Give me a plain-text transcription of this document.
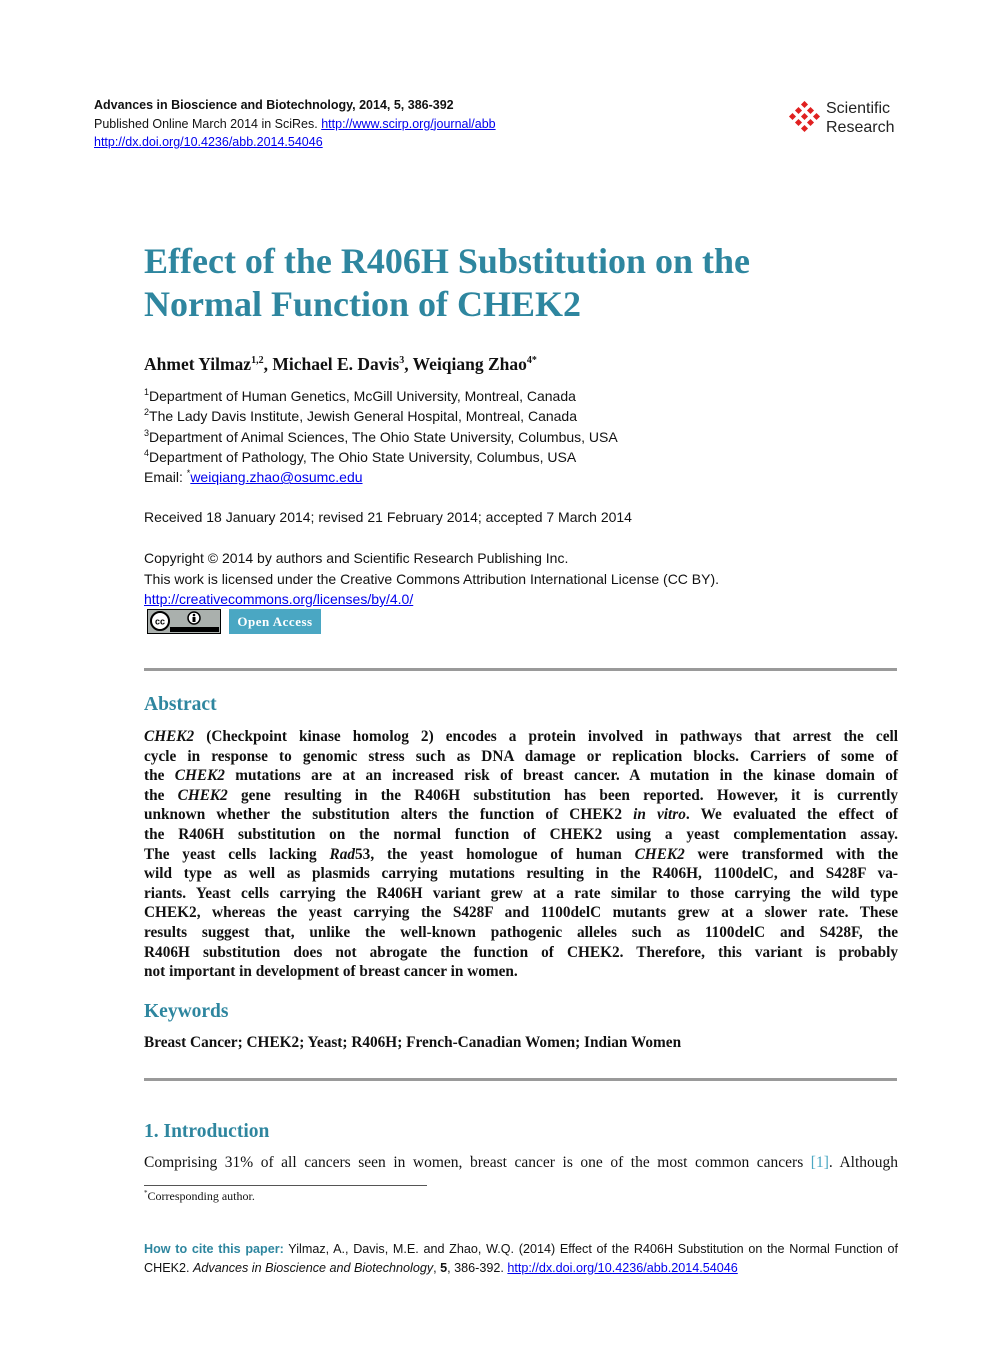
Advances in Bioscience and Biotechnology, 2014, 5, 386-392
Published Online March 2014 in SciRes. http://www.scirp.org/journal/abb
http://dx.doi.org/10.4236/abb.2014.54046
Scientific
Research
Effect of the R406H Substitution on the
Normal Function of CHEK2
Ahmet Yilmaz$^{1,2}$, Michael E. Davis$^3$, Weiqiang Zhao$^{4*}$
$^1$Department of Human Genetics, McGill University, Montreal, Canada
$^2$The Lady Davis Institute, Jewish General Hospital, Montreal, Canada
$^3$Department of Animal Sciences, The Ohio State University, Columbus, USA
$^4$Department of Pathology, The Ohio State University, Columbus, USA
Email: *weiqiang.zhao@osumc.edu
Received 18 January 2014; revised 21 February 2014; accepted 7 March 2014
Copyright © 2014 by authors and Scientific Research Publishing Inc.
This work is licensed under the Creative Commons Attribution International License (CC BY).
http://creativecommons.org/licenses/by/4.0/
cc	Open Access
Abstract
CHEK2 (Checkpoint kinase homolog 2) encodes a protein involved in pathways that arrest the cell
cycle in response to genomic stress such as DNA damage or replication blocks. Carriers of some of
the CHEK2 mutations are at an increased risk of breast cancer. A mutation in the kinase domain of
the CHEK2 gene resulting in the R406H substitution has been reported. However, it is currently
unknown whether the substitution alters the function of CHEK2 in vitro. We evaluated the effect of
the R406H substitution on the normal function of CHEK2 using a yeast complementation assay.
The yeast cells lacking Rad53, the yeast homologue of human CHEK2 were transformed with the
wild type as well as plasmids carrying mutations resulting in the R406H, 1100delC, and S428F va-
riants. Yeast cells carrying the R406H variant grew at a rate similar to those carrying the wild type
CHEK2, whereas the yeast carrying the S428F and 1100delC mutants grew at a slower rate. These
results suggest that, unlike the well-known pathogenic alleles such as 1100delC and S428F, the
R406H substitution does not abrogate the function of CHEK2. Therefore, this variant is probably
not important in development of breast cancer in women.
Keywords
Breast Cancer; CHEK2; Yeast; R406H; French-Canadian Women; Indian Women
1. Introduction
Comprising 31% of all cancers seen in women, breast cancer is one of the most common cancers [1]. Although
*Corresponding author.
How to cite this paper: Yilmaz, A., Davis, M.E. and Zhao, W.Q. (2014) Effect of the R406H Substitution on the Normal Function of CHEK2. Advances in Bioscience and Biotechnology, 5, 386-392. http://dx.doi.org/10.4236/abb.2014.54046
